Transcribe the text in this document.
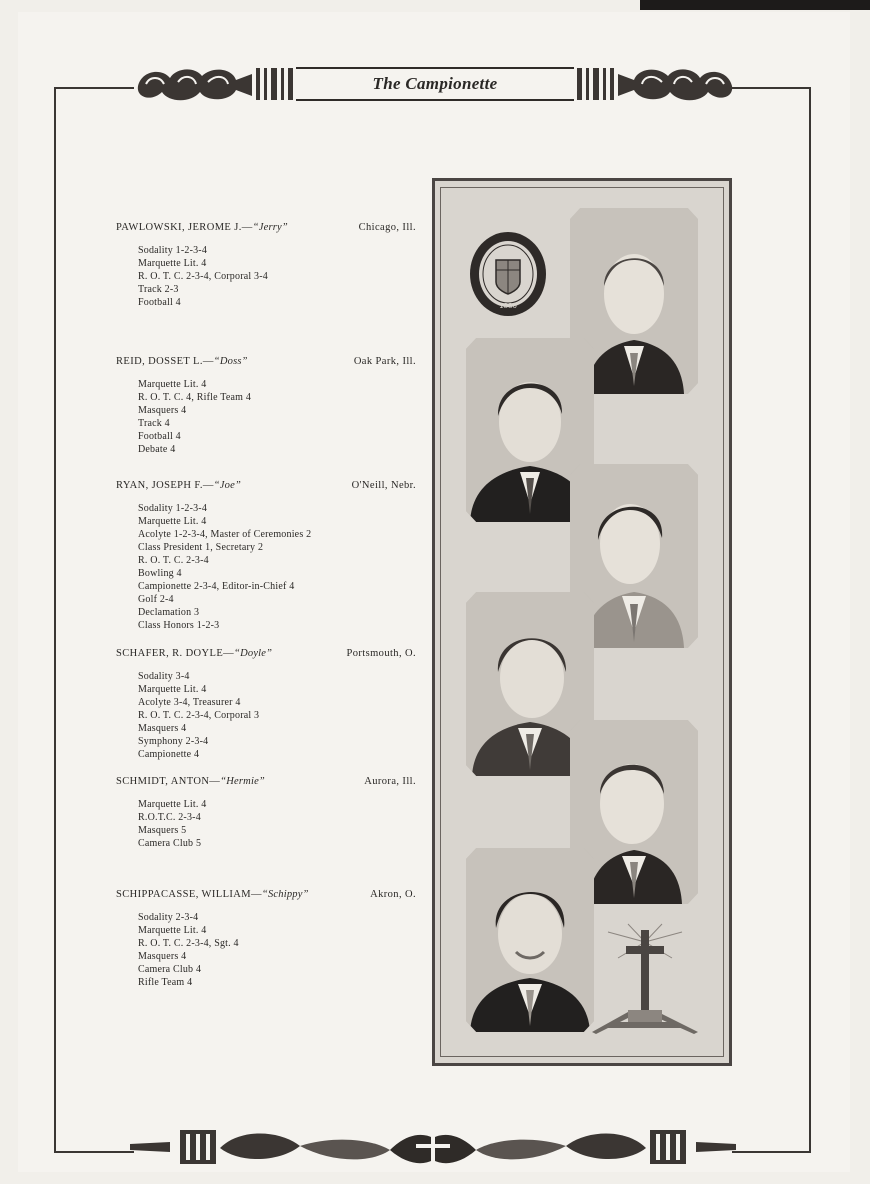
The Campionette
PAWLOWSKI, JEROME J.—“Jerry”	Chicago, Ill.
Sodality 1-2-3-4
Marquette Lit. 4
R. O. T. C. 2-3-4, Corporal 3-4
Track 2-3
Football 4
REID, DOSSET L.—“Doss”	Oak Park, Ill.
Marquette Lit. 4
R. O. T. C. 4, Rifle Team 4
Masquers 4
Track 4
Football 4
Debate 4
RYAN, JOSEPH F.—“Joe”	O'Neill, Nebr.
Sodality 1-2-3-4
Marquette Lit. 4
Acolyte 1-2-3-4, Master of Ceremonies 2
Class President 1, Secretary 2
R. O. T. C. 2-3-4
Bowling 4
Campionette 2-3-4, Editor-in-Chief 4
Golf 2-4
Declamation 3
Class Honors 1-2-3
SCHAFER, R. DOYLE—“Doyle”	Portsmouth, O.
Sodality 3-4
Marquette Lit. 4
Acolyte 3-4, Treasurer 4
R. O. T. C. 2-3-4, Corporal 3
Masquers 4
Symphony 2-3-4
Campionette 4
SCHMIDT, ANTON—“Hermie”	Aurora, Ill.
Marquette Lit. 4
R.O.T.C. 2-3-4
Masquers 5
Camera Club 5
SCHIPPACASSE, WILLIAM—“Schippy”	Akron, O.
Sodality 2-3-4
Marquette Lit. 4
R. O. T. C. 2-3-4, Sgt. 4
Masquers 4
Camera Club 4
Rifle Team 4
1880
